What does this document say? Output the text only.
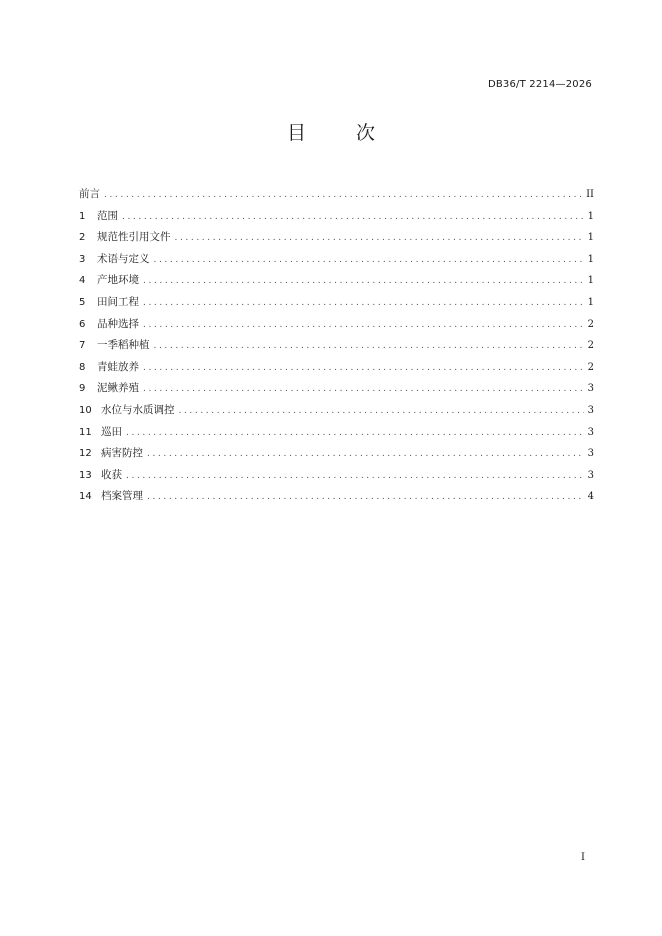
DB36/T 2214—2026
目 次
前言 .....	II
1	范围 .....	1
2	规范性引用文件 .....	1
3	术语与定义 .....	1
4	产地环境 .....	1
5	田间工程 .....	1
6	品种选择 .....	2
7	一季稻种植 .....	2
8	青蛙放养 .....	2
9	泥鳅养殖 .....	3
10 水位与水质调控 .....	3
11 巡田 .....	3
12 病害防控 .....	3
13 收获 .....	3
14 档案管理 .....	4
I
